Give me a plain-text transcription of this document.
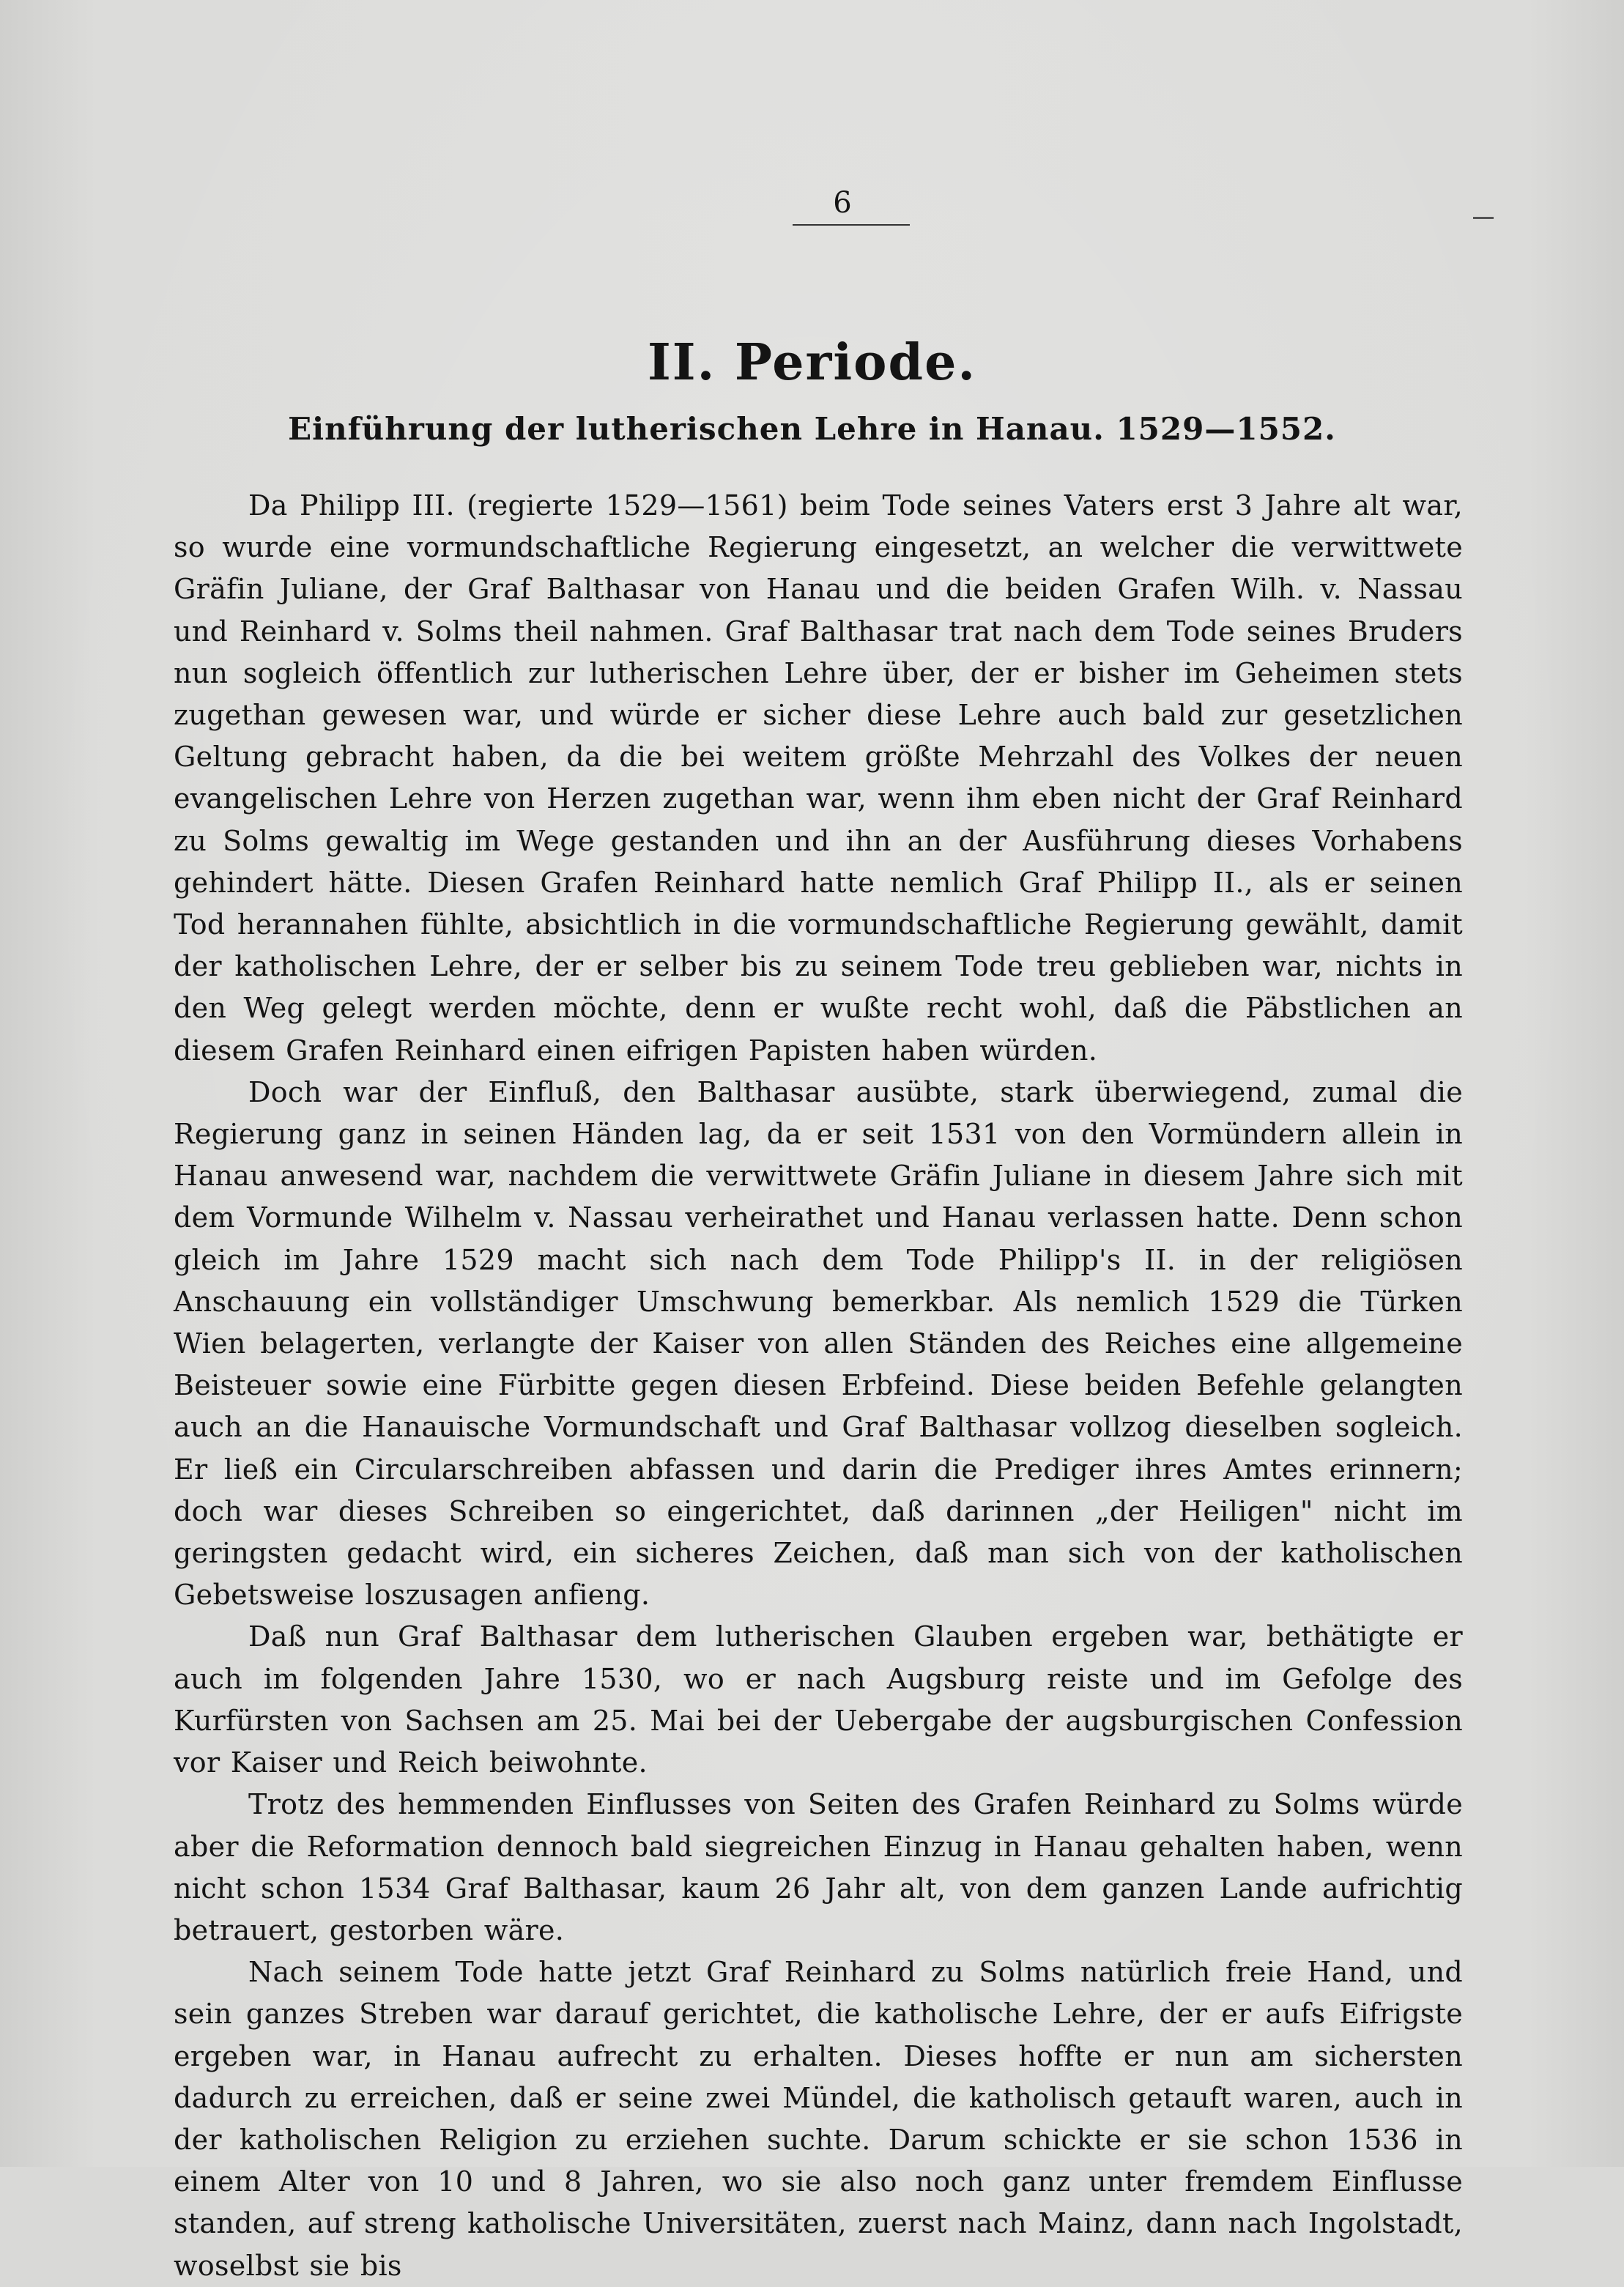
6
II. Periode.
Einführung der lutherischen Lehre in Hanau. 1529—1552.

Da Philipp III. (regierte 1529—1561) beim Tode seines Vaters erst 3 Jahre alt war, so wurde eine vormundschaftliche Regierung eingesetzt, an welcher die verwittwete Gräfin Juliane, der Graf Balthasar von Hanau und die beiden Grafen Wilh. v. Nassau und Reinhard v. Solms theil nahmen. Graf Balthasar trat nach dem Tode seines Bruders nun sogleich öffentlich zur lutherischen Lehre über, der er bisher im Geheimen stets zugethan gewesen war, und würde er sicher diese Lehre auch bald zur gesetzlichen Geltung gebracht haben, da die bei weitem größte Mehrzahl des Volkes der neuen evangelischen Lehre von Herzen zugethan war, wenn ihm eben nicht der Graf Reinhard zu Solms gewaltig im Wege gestanden und ihn an der Ausführung dieses Vorhabens gehindert hätte. Diesen Grafen Reinhard hatte nemlich Graf Philipp II., als er seinen Tod herannahen fühlte, absichtlich in die vormundschaftliche Regierung gewählt, damit der katholischen Lehre, der er selber bis zu seinem Tode treu geblieben war, nichts in den Weg gelegt werden möchte, denn er wußte recht wohl, daß die Päbstlichen an diesem Grafen Reinhard einen eifrigen Papisten haben würden.

Doch war der Einfluß, den Balthasar ausübte, stark überwiegend, zumal die Regierung ganz in seinen Händen lag, da er seit 1531 von den Vormündern allein in Hanau anwesend war, nachdem die verwittwete Gräfin Juliane in diesem Jahre sich mit dem Vormunde Wilhelm v. Nassau verheirathet und Hanau verlassen hatte. Denn schon gleich im Jahre 1529 macht sich nach dem Tode Philipp's II. in der religiösen Anschauung ein vollständiger Umschwung bemerkbar. Als nemlich 1529 die Türken Wien belagerten, verlangte der Kaiser von allen Ständen des Reiches eine allgemeine Beisteuer sowie eine Fürbitte gegen diesen Erbfeind. Diese beiden Befehle gelangten auch an die Hanauische Vormundschaft und Graf Balthasar vollzog dieselben sogleich. Er ließ ein Circularschreiben abfassen und darin die Prediger ihres Amtes erinnern; doch war dieses Schreiben so eingerichtet, daß darinnen „der Heiligen" nicht im geringsten gedacht wird, ein sicheres Zeichen, daß man sich von der katholischen Gebetsweise loszusagen anfieng.

Daß nun Graf Balthasar dem lutherischen Glauben ergeben war, bethätigte er auch im folgenden Jahre 1530, wo er nach Augsburg reiste und im Gefolge des Kurfürsten von Sachsen am 25. Mai bei der Uebergabe der augsburgischen Confession vor Kaiser und Reich beiwohnte.

Trotz des hemmenden Einflusses von Seiten des Grafen Reinhard zu Solms würde aber die Reformation dennoch bald siegreichen Einzug in Hanau gehalten haben, wenn nicht schon 1534 Graf Balthasar, kaum 26 Jahr alt, von dem ganzen Lande aufrichtig betrauert, gestorben wäre.

Nach seinem Tode hatte jetzt Graf Reinhard zu Solms natürlich freie Hand, und sein ganzes Streben war darauf gerichtet, die katholische Lehre, der er aufs Eifrigste ergeben war, in Hanau aufrecht zu erhalten. Dieses hoffte er nun am sichersten dadurch zu erreichen, daß er seine zwei Mündel, die katholisch getauft waren, auch in der katholischen Religion zu erziehen suchte. Darum schickte er sie schon 1536 in einem Alter von 10 und 8 Jahren, wo sie also noch ganz unter fremdem Einflusse standen, auf streng katholische Universitäten, zuerst nach Mainz, dann nach Ingolstadt, woselbst sie bis
